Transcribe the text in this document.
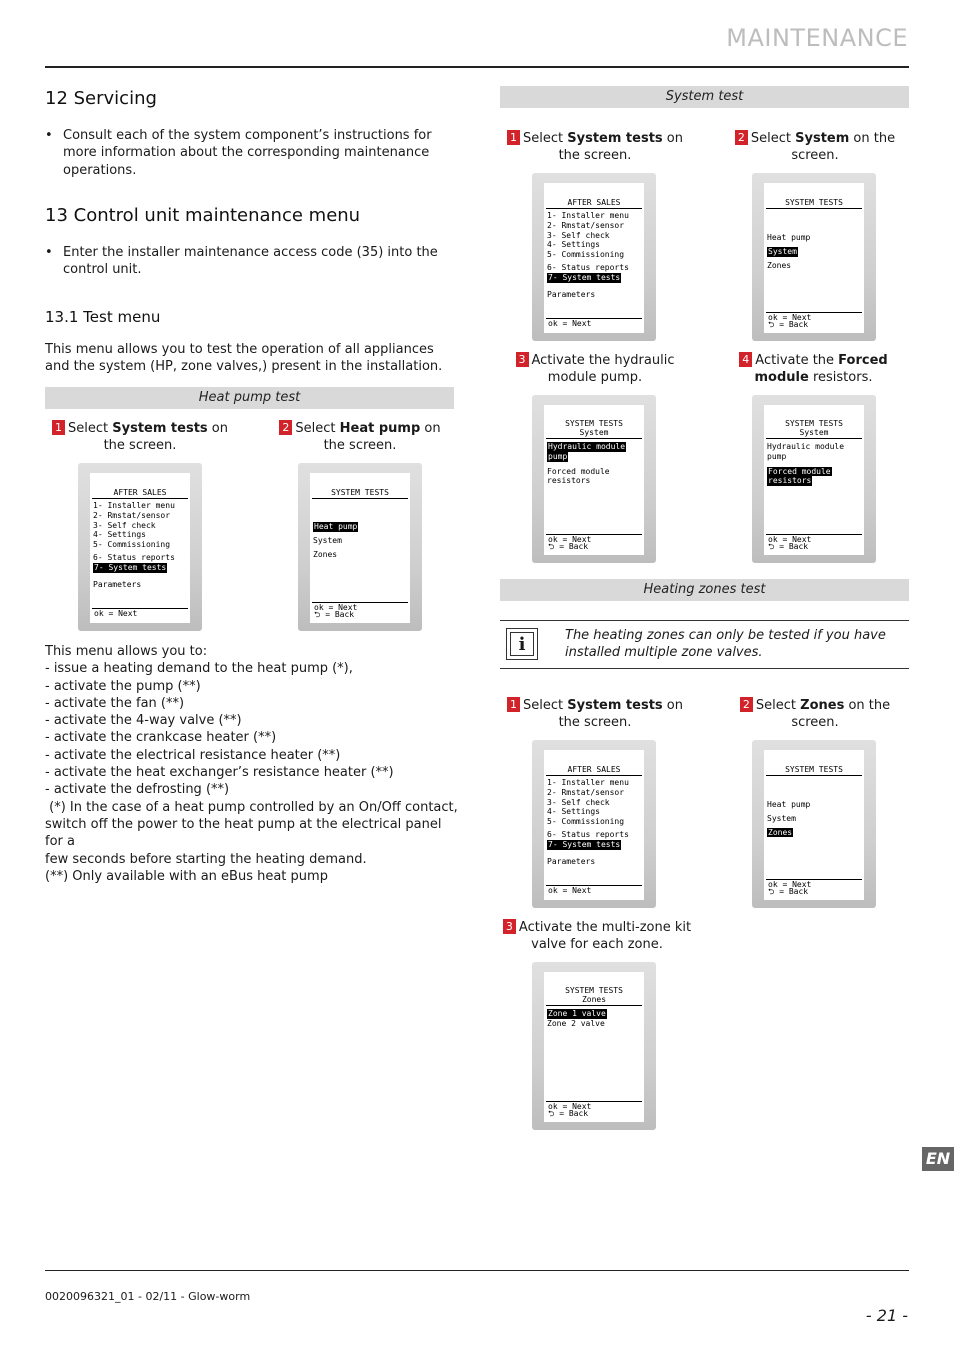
MAINTENANCE
12 Servicing
• Consult each of the system component’s instructions for more information about the corresponding maintenance operations.
13 Control unit maintenance menu
• Enter the installer maintenance access code (35) into the control unit.
13.1 Test menu
This menu allows you to test the operation of all appliances and the system (HP, zone valves,) present in the installation.
Heat pump test
1 Select System tests on the screen.
2 Select Heat pump on the screen.
AFTER SALES
1- Installer menu
2- Rmstat/sensor
3- Self check
4- Settings
5- Commissioning
6- Status reports
7- System tests
Parameters
ok = Next
SYSTEM TESTS
Heat pump
System
Zones
ok = Next
⮌ = Back
This menu allows you to:
- issue a heating demand to the heat pump (*),
- activate the pump (**)
- activate the fan (**)
- activate the 4-way valve (**)
- activate the crankcase heater (**)
- activate the electrical resistance heater (**)
- activate the heat exchanger’s resistance heater (**)
- activate the defrosting (**)
(*) In the case of a heat pump controlled by an On/Off contact,
switch off the power to the heat pump at the electrical panel for a
few seconds before starting the heating demand.
(**) Only available with an eBus heat pump
System test
1 Select System tests on the screen.
2 Select System on the screen.
AFTER SALES
1- Installer menu
2- Rmstat/sensor
3- Self check
4- Settings
5- Commissioning
6- Status reports
7- System tests
Parameters
ok = Next
SYSTEM TESTS
Heat pump
System
Zones
ok = Next
⮌ = Back
3 Activate the hydraulic module pump.
4 Activate the Forced module resistors.
SYSTEM TESTS
System
Hydraulic module
pump
Forced module
resistors
ok = Next
⮌ = Back
SYSTEM TESTS
System
Hydraulic module
pump
Forced module
resistors
ok = Next
⮌ = Back
Heating zones test
i	The heating zones can only be tested if you have installed multiple zone valves.
1 Select System tests on the screen.
2 Select Zones on the screen.
AFTER SALES
1- Installer menu
2- Rmstat/sensor
3- Self check
4- Settings
5- Commissioning
6- Status reports
7- System tests
Parameters
ok = Next
SYSTEM TESTS
Heat pump
System
Zones
ok = Next
⮌ = Back
3 Activate the multi-zone kit valve for each zone.
SYSTEM TESTS
Zones
Zone 1 valve
Zone 2 valve
ok = Next
⮌ = Back
EN
0020096321_01 - 02/11 - Glow-worm
- 21 -
